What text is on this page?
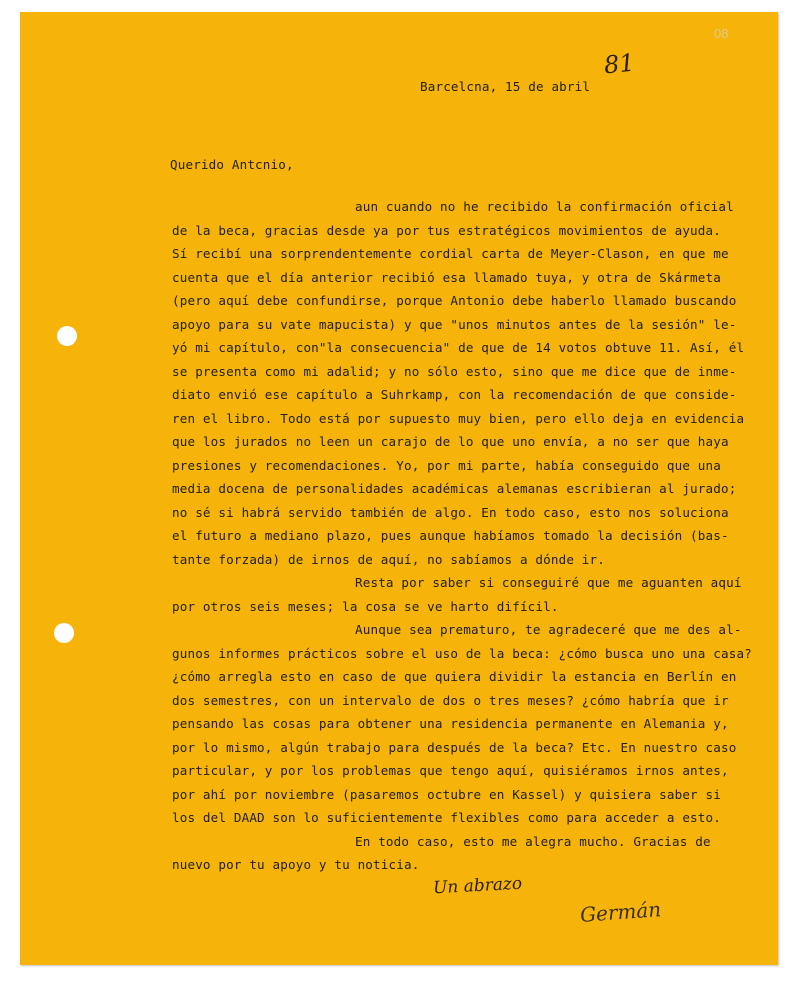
08
81
Barcelcna, 15 de abril
Querido Antcnio,
aun cuando no he recibido la confirmación oficial
de la beca, gracias desde ya por tus estratégicos movimientos de ayuda.
Sí recibí una sorprendentemente cordial carta de Meyer-Clason, en que me
cuenta que el día anterior recibió esa llamado tuya, y otra de Skármeta
(pero aquí debe confundirse, porque Antonio debe haberlo llamado buscando
apoyo para su vate mapucista) y que "unos minutos antes de la sesión" le-
yó mi capítulo, con"la consecuencia" de que de 14 votos obtuve 11. Así, él
se presenta como mi adalid; y no sólo esto, sino que me dice que de inme-
diato envió ese capítulo a Suhrkamp, con la recomendación de que conside-
ren el libro. Todo está por supuesto muy bien, pero ello deja en evidencia
que los jurados no leen un carajo de lo que uno envía, a no ser que haya
presiones y recomendaciones. Yo, por mi parte, había conseguido que una
media docena de personalidades académicas alemanas escribieran al jurado;
no sé si habrá servido también de algo. En todo caso, esto nos soluciona
el futuro a mediano plazo, pues aunque habíamos tomado la decisión (bas-
tante forzada) de irnos de aquí, no sabíamos a dónde ir.
Resta por saber si conseguiré que me aguanten aquí
por otros seis meses; la cosa se ve harto difícil.
Aunque sea prematuro, te agradeceré que me des al-
gunos informes prácticos sobre el uso de la beca: ¿cómo busca uno una casa?
¿cómo arregla esto en caso de que quiera dividir la estancia en Berlín en
dos semestres, con un intervalo de dos o tres meses? ¿cómo habría que ir
pensando las cosas para obtener una residencia permanente en Alemania y,
por lo mismo, algún trabajo para después de la beca? Etc. En nuestro caso
particular, y por los problemas que tengo aquí, quisiéramos irnos antes,
por ahí por noviembre (pasaremos octubre en Kassel) y quisiera saber si
los del DAAD son lo suficientemente flexibles como para acceder a esto.
En todo caso, esto me alegra mucho. Gracias de
nuevo por tu apoyo y tu noticia.
Un abrazo
Germán
